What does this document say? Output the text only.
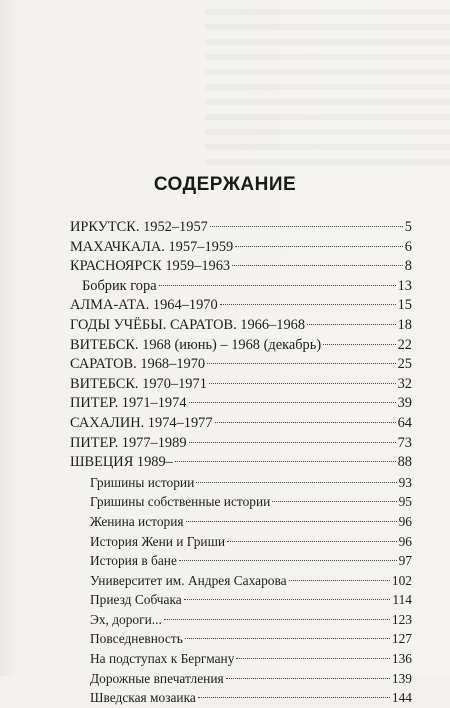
СОДЕРЖАНИЕ
ИРКУТСК. 1952–1957	5
МАХАЧКАЛА. 1957–1959	6
КРАСНОЯРСК 1959–1963	8
Бобрик гора	13
АЛМА-АТА. 1964–1970	15
ГОДЫ УЧЁБЫ. САРАТОВ. 1966–1968	18
ВИТЕБСК. 1968 (июнь) – 1968 (декабрь)	22
САРАТОВ. 1968–1970	25
ВИТЕБСК. 1970–1971	32
ПИТЕР. 1971–1974	39
САХАЛИН. 1974–1977	64
ПИТЕР. 1977–1989	73
ШВЕЦИЯ 1989–	88
Гришины истории	93
Гришины собственные истории	95
Женина история	96
История Жени и Гриши	96
История в бане	97
Университет им. Андрея Сахарова	102
Приезд Собчака	114
Эх, дороги...	123
Повседневность	127
На подступах к Бергману	136
Дорожные впечатления	139
Шведская мозаика	144
